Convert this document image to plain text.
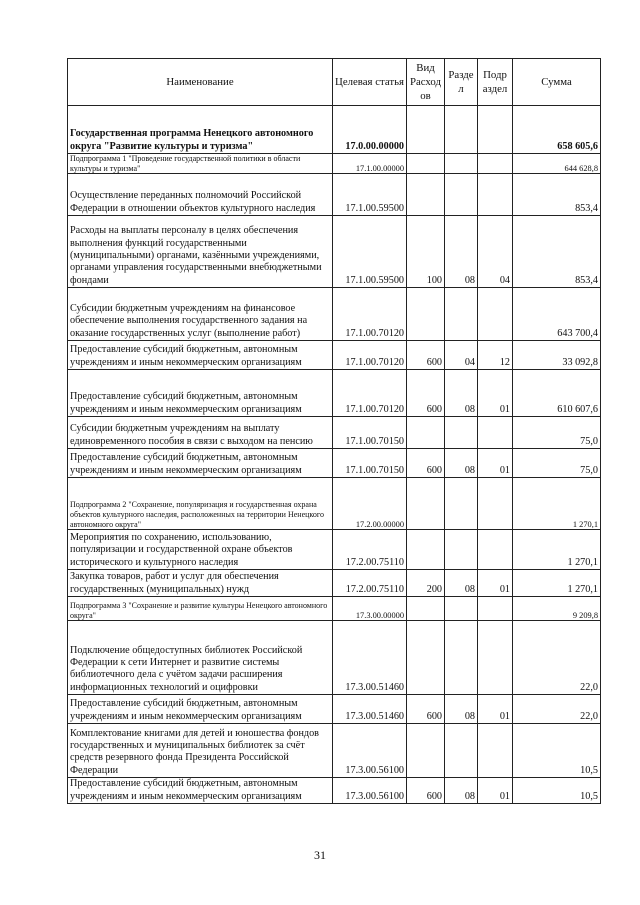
Наименование	Целевая статья	Вид Расход ов	Разде л	Подр аздел	Сумма
Государственная программа Ненецкого автономного округа "Развитие культуры и туризма"	17.0.00.00000				658 605,6
Подпрограмма 1 "Проведение государственной политики в области культуры и туризма"	17.1.00.00000				644 628,8
Осуществление переданных полномочий Российской Федерации в отношении объектов культурного наследия	17.1.00.59500				853,4
Расходы на выплаты персоналу в целях обеспечения выполнения функций государственными (муниципальными) органами, казёнными учреждениями, органами управления государственными внебюджетными фондами	17.1.00.59500	100	08	04	853,4
Субсидии бюджетным учреждениям на финансовое обеспечение выполнения государственного задания на оказание государственных услуг (выполнение работ)	17.1.00.70120				643 700,4
Предоставление субсидий бюджетным, автономным учреждениям и иным некоммерческим организациям	17.1.00.70120	600	04	12	33 092,8
Предоставление субсидий бюджетным, автономным учреждениям и иным некоммерческим организациям	17.1.00.70120	600	08	01	610 607,6
Субсидии бюджетным учреждениям на выплату единовременного пособия в связи с выходом на пенсию	17.1.00.70150				75,0
Предоставление субсидий бюджетным, автономным учреждениям и иным некоммерческим организациям	17.1.00.70150	600	08	01	75,0
Подпрограмма 2 "Сохранение, популяризация и государственная охрана объектов культурного наследия, расположенных на территории Ненецкого автономного округа"	17.2.00.00000				1 270,1
Мероприятия по сохранению, использованию, популяризации и государственной охране объектов исторического и культурного наследия	17.2.00.75110				1 270,1
Закупка товаров, работ и услуг для обеспечения государственных (муниципальных) нужд	17.2.00.75110	200	08	01	1 270,1
Подпрограмма 3 "Сохранение и развитие культуры Ненецкого автономного округа"	17.3.00.00000				9 209,8
Подключение общедоступных библиотек Российской Федерации к сети Интернет и развитие системы библиотечного дела с учётом задачи расширения информационных технологий и оцифровки	17.3.00.51460				22,0
Предоставление субсидий бюджетным, автономным учреждениям и иным некоммерческим организациям	17.3.00.51460	600	08	01	22,0
Комплектование книгами для детей и юношества фондов государственных и муниципальных библиотек за счёт средств резервного фонда Президента Российской Федерации	17.3.00.56100				10,5
Предоставление субсидий бюджетным, автономным учреждениям и иным некоммерческим организациям	17.3.00.56100	600	08	01	10,5
31
